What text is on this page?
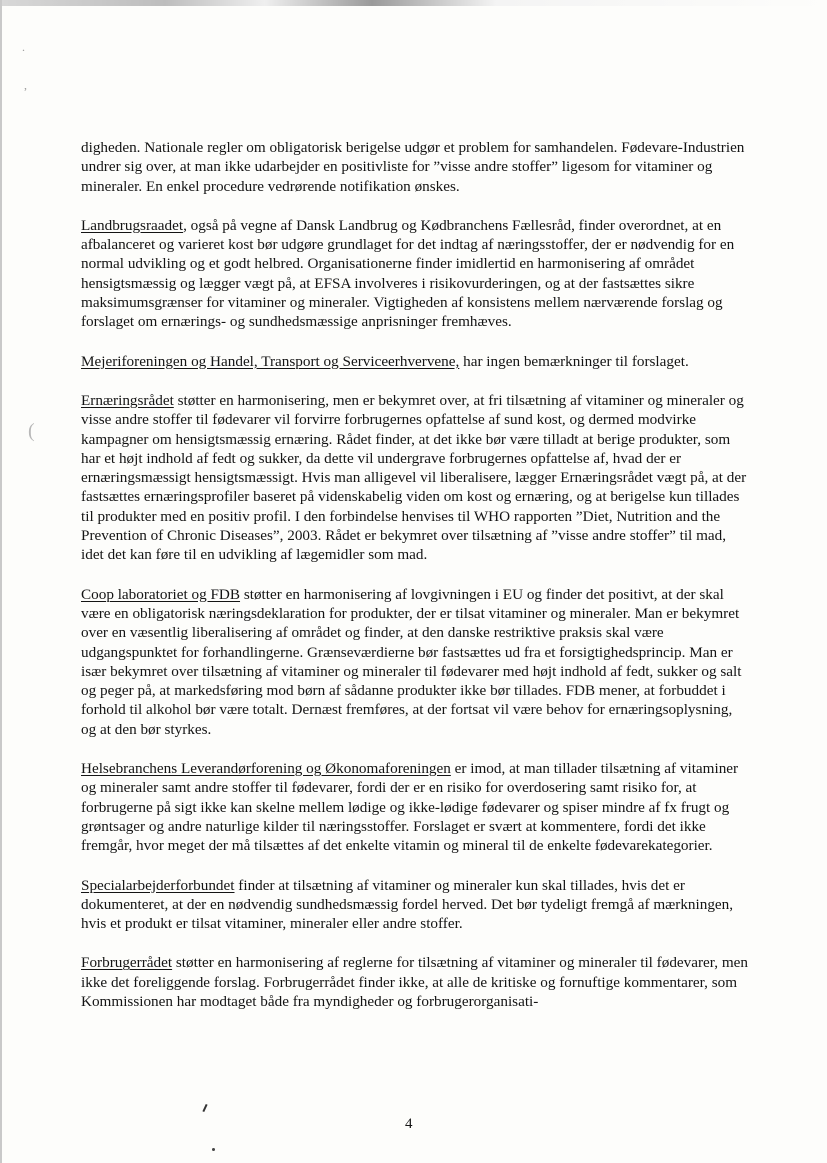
.
,
(

digheden. Nationale regler om obligatorisk berigelse udgør et problem for samhandelen. Fødevare-Industrien undrer sig over, at man ikke udarbejder en positivliste for ”visse andre stoffer” ligesom for vitaminer og mineraler. En enkel procedure vedrørende notifikation ønskes.

Landbrugsraadet, også på vegne af Dansk Landbrug og Kødbranchens Fællesråd, finder overordnet, at en afbalanceret og varieret kost bør udgøre grundlaget for det indtag af næringsstoffer, der er nødvendig for en normal udvikling og et godt helbred. Organisationerne finder imidlertid en harmonisering af området hensigtsmæssig og lægger vægt på, at EFSA involveres i risikovurderingen, og at der fastsættes sikre maksimumsgrænser for vitaminer og mineraler. Vigtigheden af konsistens mellem nærværende forslag og forslaget om ernærings- og sundhedsmæssige anprisninger fremhæves.

Mejeriforeningen og Handel, Transport og Serviceerhvervene, har ingen bemærkninger til forslaget.

Ernæringsrådet støtter en harmonisering, men er bekymret over, at fri tilsætning af vitaminer og mineraler og visse andre stoffer til fødevarer vil forvirre forbrugernes opfattelse af sund kost, og dermed modvirke kampagner om hensigtsmæssig ernæring. Rådet finder, at det ikke bør være tilladt at berige produkter, som har et højt indhold af fedt og sukker, da dette vil undergrave forbrugernes opfattelse af, hvad der er ernæringsmæssigt hensigtsmæssigt. Hvis man alligevel vil liberalisere, lægger Ernæringsrådet vægt på, at der fastsættes ernæringsprofiler baseret på videnskabelig viden om kost og ernæring, og at berigelse kun tillades til produkter med en positiv profil. I den forbindelse henvises til WHO rapporten ”Diet, Nutrition and the Prevention of Chronic Diseases”, 2003. Rådet er bekymret over tilsætning af ”visse andre stoffer” til mad, idet det kan føre til en udvikling af lægemidler som mad.

Coop laboratoriet og FDB støtter en harmonisering af lovgivningen i EU og finder det positivt, at der skal være en obligatorisk næringsdeklaration for produkter, der er tilsat vitaminer og mineraler. Man er bekymret over en væsentlig liberalisering af området og finder, at den danske restriktive praksis skal være udgangspunktet for forhandlingerne. Grænseværdierne bør fastsættes ud fra et forsigtighedsprincip. Man er især bekymret over tilsætning af vitaminer og mineraler til fødevarer med højt indhold af fedt, sukker og salt og peger på, at markedsføring mod børn af sådanne produkter ikke bør tillades. FDB mener, at forbuddet i forhold til alkohol bør være totalt. Dernæst fremføres, at der fortsat vil være behov for ernæringsoplysning, og at den bør styrkes.

Helsebranchens Leverandørforening og Økonomaforeningen er imod, at man tillader tilsætning af vitaminer og mineraler samt andre stoffer til fødevarer, fordi der er en risiko for overdosering samt risiko for, at forbrugerne på sigt ikke kan skelne mellem lødige og ikke-lødige fødevarer og spiser mindre af fx frugt og grøntsager og andre naturlige kilder til næringsstoffer. Forslaget er svært at kommentere, fordi det ikke fremgår, hvor meget der må tilsættes af det enkelte vitamin og mineral til de enkelte fødevarekategorier.

Specialarbejderforbundet finder at tilsætning af vitaminer og mineraler kun skal tillades, hvis det er dokumenteret, at der en nødvendig sundhedsmæssig fordel herved. Det bør tydeligt fremgå af mærkningen, hvis et produkt er tilsat vitaminer, mineraler eller andre stoffer.

Forbrugerrådet støtter en harmonisering af reglerne for tilsætning af vitaminer og mineraler til fødevarer, men ikke det foreliggende forslag. Forbrugerrådet finder ikke, at alle de kritiske og fornuftige kommentarer, som Kommissionen har modtaget både fra myndigheder og forbrugerorganisati-

4
